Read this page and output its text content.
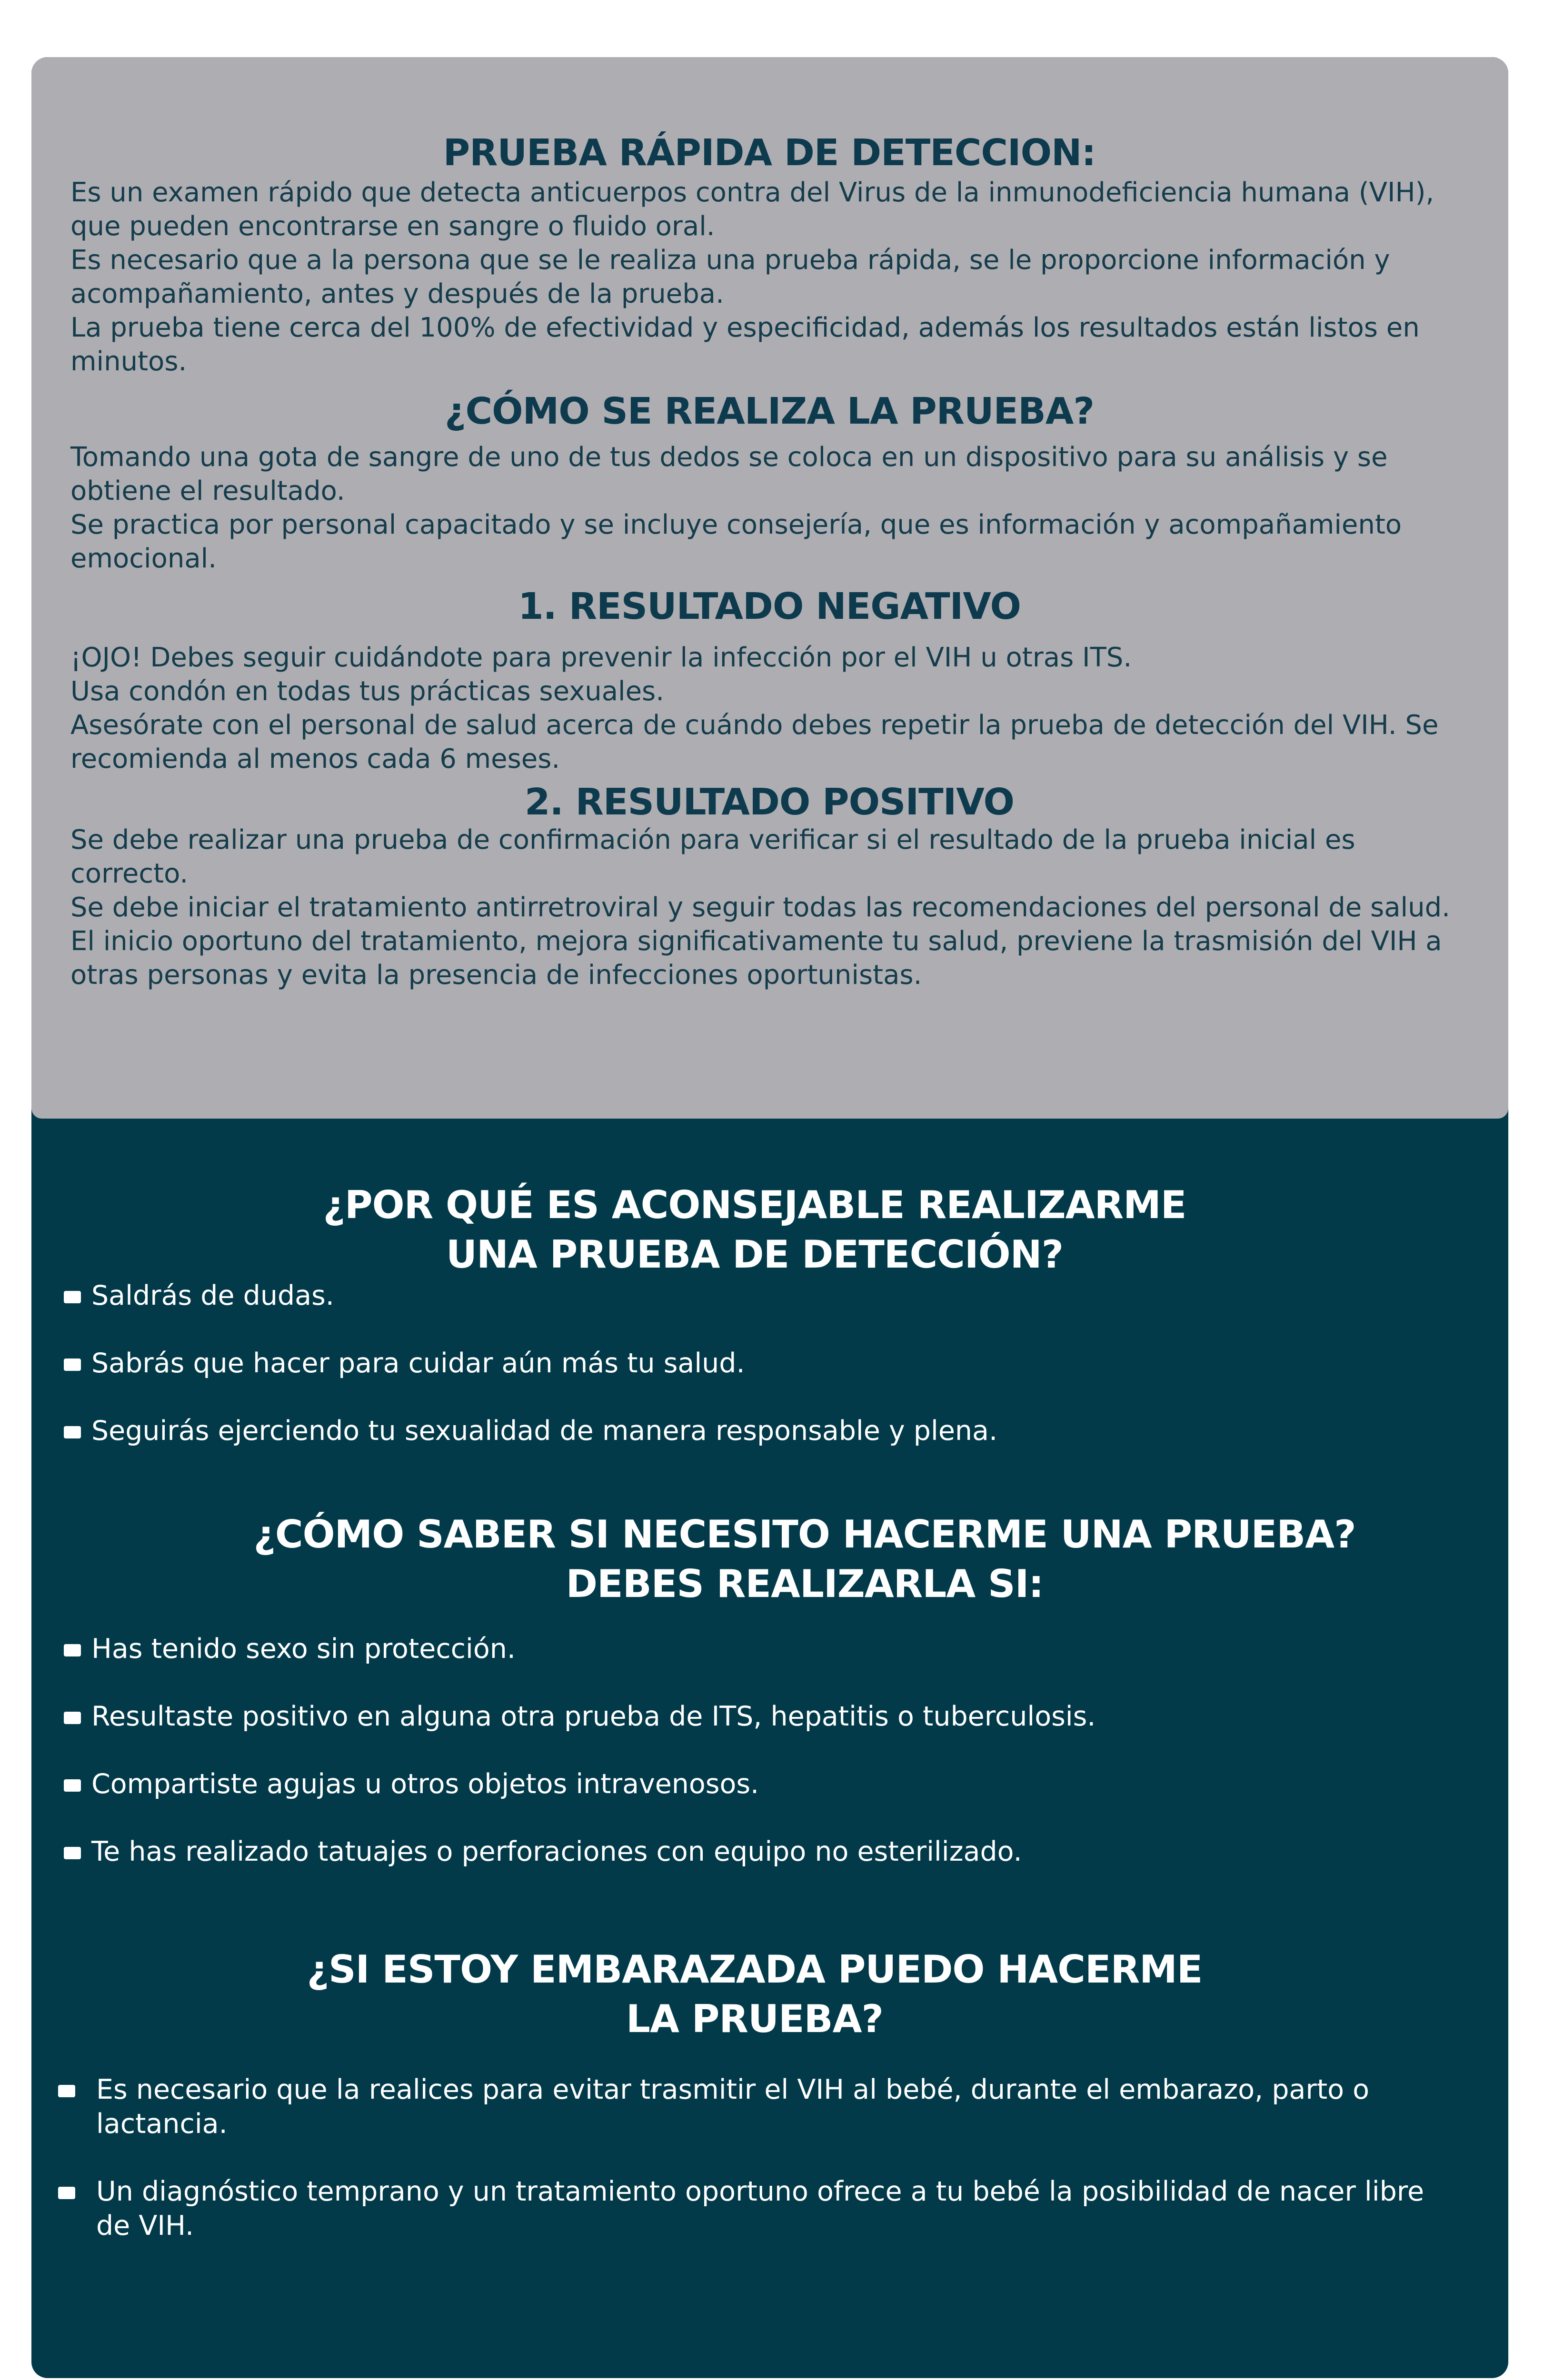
PRUEBA RÁPIDA DE DETECCION:

Es un examen rápido que detecta anticuerpos contra del Virus de la inmunodeficiencia humana (VIH), que pueden encontrarse en sangre o fluido oral.

Es necesario que a la persona que se le realiza una prueba rápida, se le proporcione información y acompañamiento, antes y después de la prueba.

La prueba tiene cerca del 100% de efectividad y especificidad, además los resultados están listos en minutos.

¿CÓMO SE REALIZA LA PRUEBA?

Tomando una gota de sangre de uno de tus dedos se coloca en un dispositivo para su análisis y se obtiene el resultado.

Se practica por personal capacitado y se incluye consejería, que es información y acompañamiento emocional.

1. RESULTADO NEGATIVO

¡OJO! Debes seguir cuidándote para prevenir la infección por el VIH u otras ITS.

Usa condón en todas tus prácticas sexuales.

Asesórate con el personal de salud acerca de cuándo debes repetir la prueba de detección del VIH. Se recomienda al menos cada 6 meses.

2. RESULTADO POSITIVO

Se debe realizar una prueba de confirmación para verificar si el resultado de la prueba inicial es correcto.

Se debe iniciar el tratamiento antirretroviral y seguir todas las recomendaciones del personal de salud.

El inicio oportuno del tratamiento, mejora significativamente tu salud, previene la trasmisión del VIH a otras personas y evita la presencia de infecciones oportunistas.

¿POR QUÉ ES ACONSEJABLE REALIZARME
UNA PRUEBA DE DETECCIÓN?
Saldrás de dudas.
Sabrás que hacer para cuidar aún más tu salud.
Seguirás ejerciendo tu sexualidad de manera responsable y plena.
¿CÓMO SABER SI NECESITO HACERME UNA PRUEBA?
DEBES REALIZARLA SI:
Has tenido sexo sin protección.
Resultaste positivo en alguna otra prueba de ITS, hepatitis o tuberculosis.
Compartiste agujas u otros objetos intravenosos.
Te has realizado tatuajes o perforaciones con equipo no esterilizado.
¿SI ESTOY EMBARAZADA PUEDO HACERME
LA PRUEBA?
Es necesario que la realices para evitar trasmitir el VIH al bebé, durante el embarazo, parto o lactancia.
Un diagnóstico temprano y un tratamiento oportuno ofrece a tu bebé la posibilidad de nacer libre de VIH.
